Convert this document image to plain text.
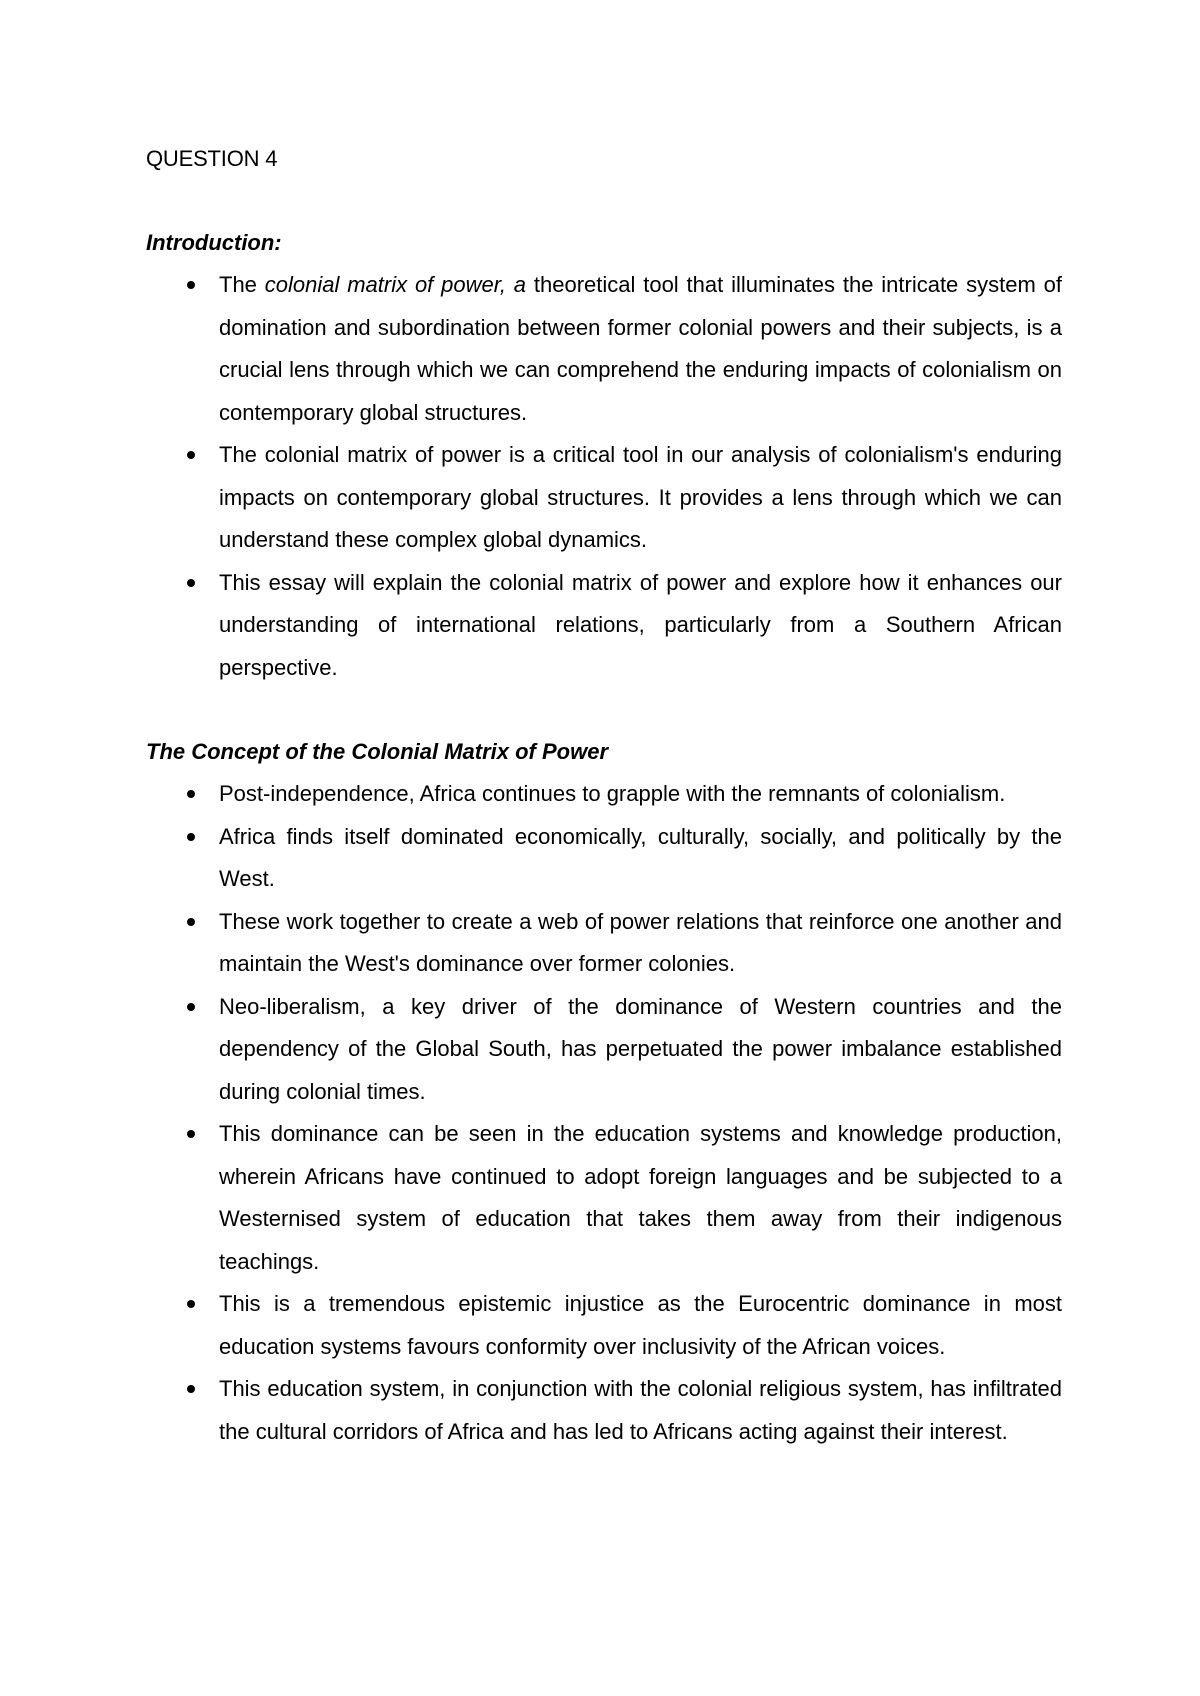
QUESTION 4
Introduction:
The colonial matrix of power, a theoretical tool that illuminates the intricate system of domination and subordination between former colonial powers and their subjects, is a crucial lens through which we can comprehend the enduring impacts of colonialism on contemporary global structures.
The colonial matrix of power is a critical tool in our analysis of colonialism's enduring impacts on contemporary global structures. It provides a lens through which we can understand these complex global dynamics.
This essay will explain the colonial matrix of power and explore how it enhances our understanding of international relations, particularly from a Southern African perspective.
The Concept of the Colonial Matrix of Power
Post-independence, Africa continues to grapple with the remnants of colonialism.
Africa finds itself dominated economically, culturally, socially, and politically by the West.
These work together to create a web of power relations that reinforce one another and maintain the West's dominance over former colonies.
Neo-liberalism, a key driver of the dominance of Western countries and the dependency of the Global South, has perpetuated the power imbalance established during colonial times.
This dominance can be seen in the education systems and knowledge production, wherein Africans have continued to adopt foreign languages and be subjected to a Westernised system of education that takes them away from their indigenous teachings.
This is a tremendous epistemic injustice as the Eurocentric dominance in most education systems favours conformity over inclusivity of the African voices.
This education system, in conjunction with the colonial religious system, has infiltrated the cultural corridors of Africa and has led to Africans acting against their interest.
